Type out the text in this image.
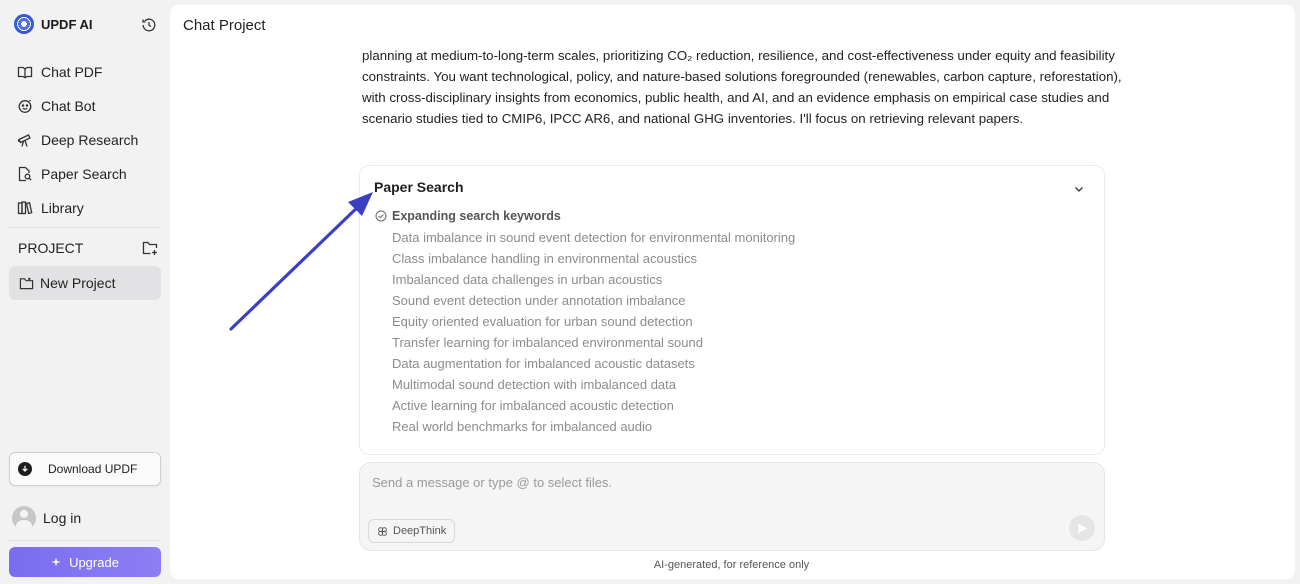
UPDF AI
Chat PDF
Chat Bot
Deep Research
Paper Search
Library
PROJECT
New Project
Download UPDF
Log in
Upgrade
Chat Project

planning at medium-to-long-term scales, prioritizing CO₂ reduction, resilience, and cost-effectiveness under equity and feasibility

constraints. You want technological, policy, and nature-based solutions foregrounded (renewables, carbon capture, reforestation),

with cross-disciplinary insights from economics, public health, and AI, and an evidence emphasis on empirical case studies and

scenario studies tied to CMIP6, IPCC AR6, and national GHG inventories. I'll focus on retrieving relevant papers.

Paper Search
Expanding search keywords
Data imbalance in sound event detection for environmental monitoring
Class imbalance handling in environmental acoustics
Imbalanced data challenges in urban acoustics
Sound event detection under annotation imbalance
Equity oriented evaluation for urban sound detection
Transfer learning for imbalanced environmental sound
Data augmentation for imbalanced acoustic datasets
Multimodal sound detection with imbalanced data
Active learning for imbalanced acoustic detection
Real world benchmarks for imbalanced audio
Send a message or type @ to select files.
DeepThink
AI-generated, for reference only
